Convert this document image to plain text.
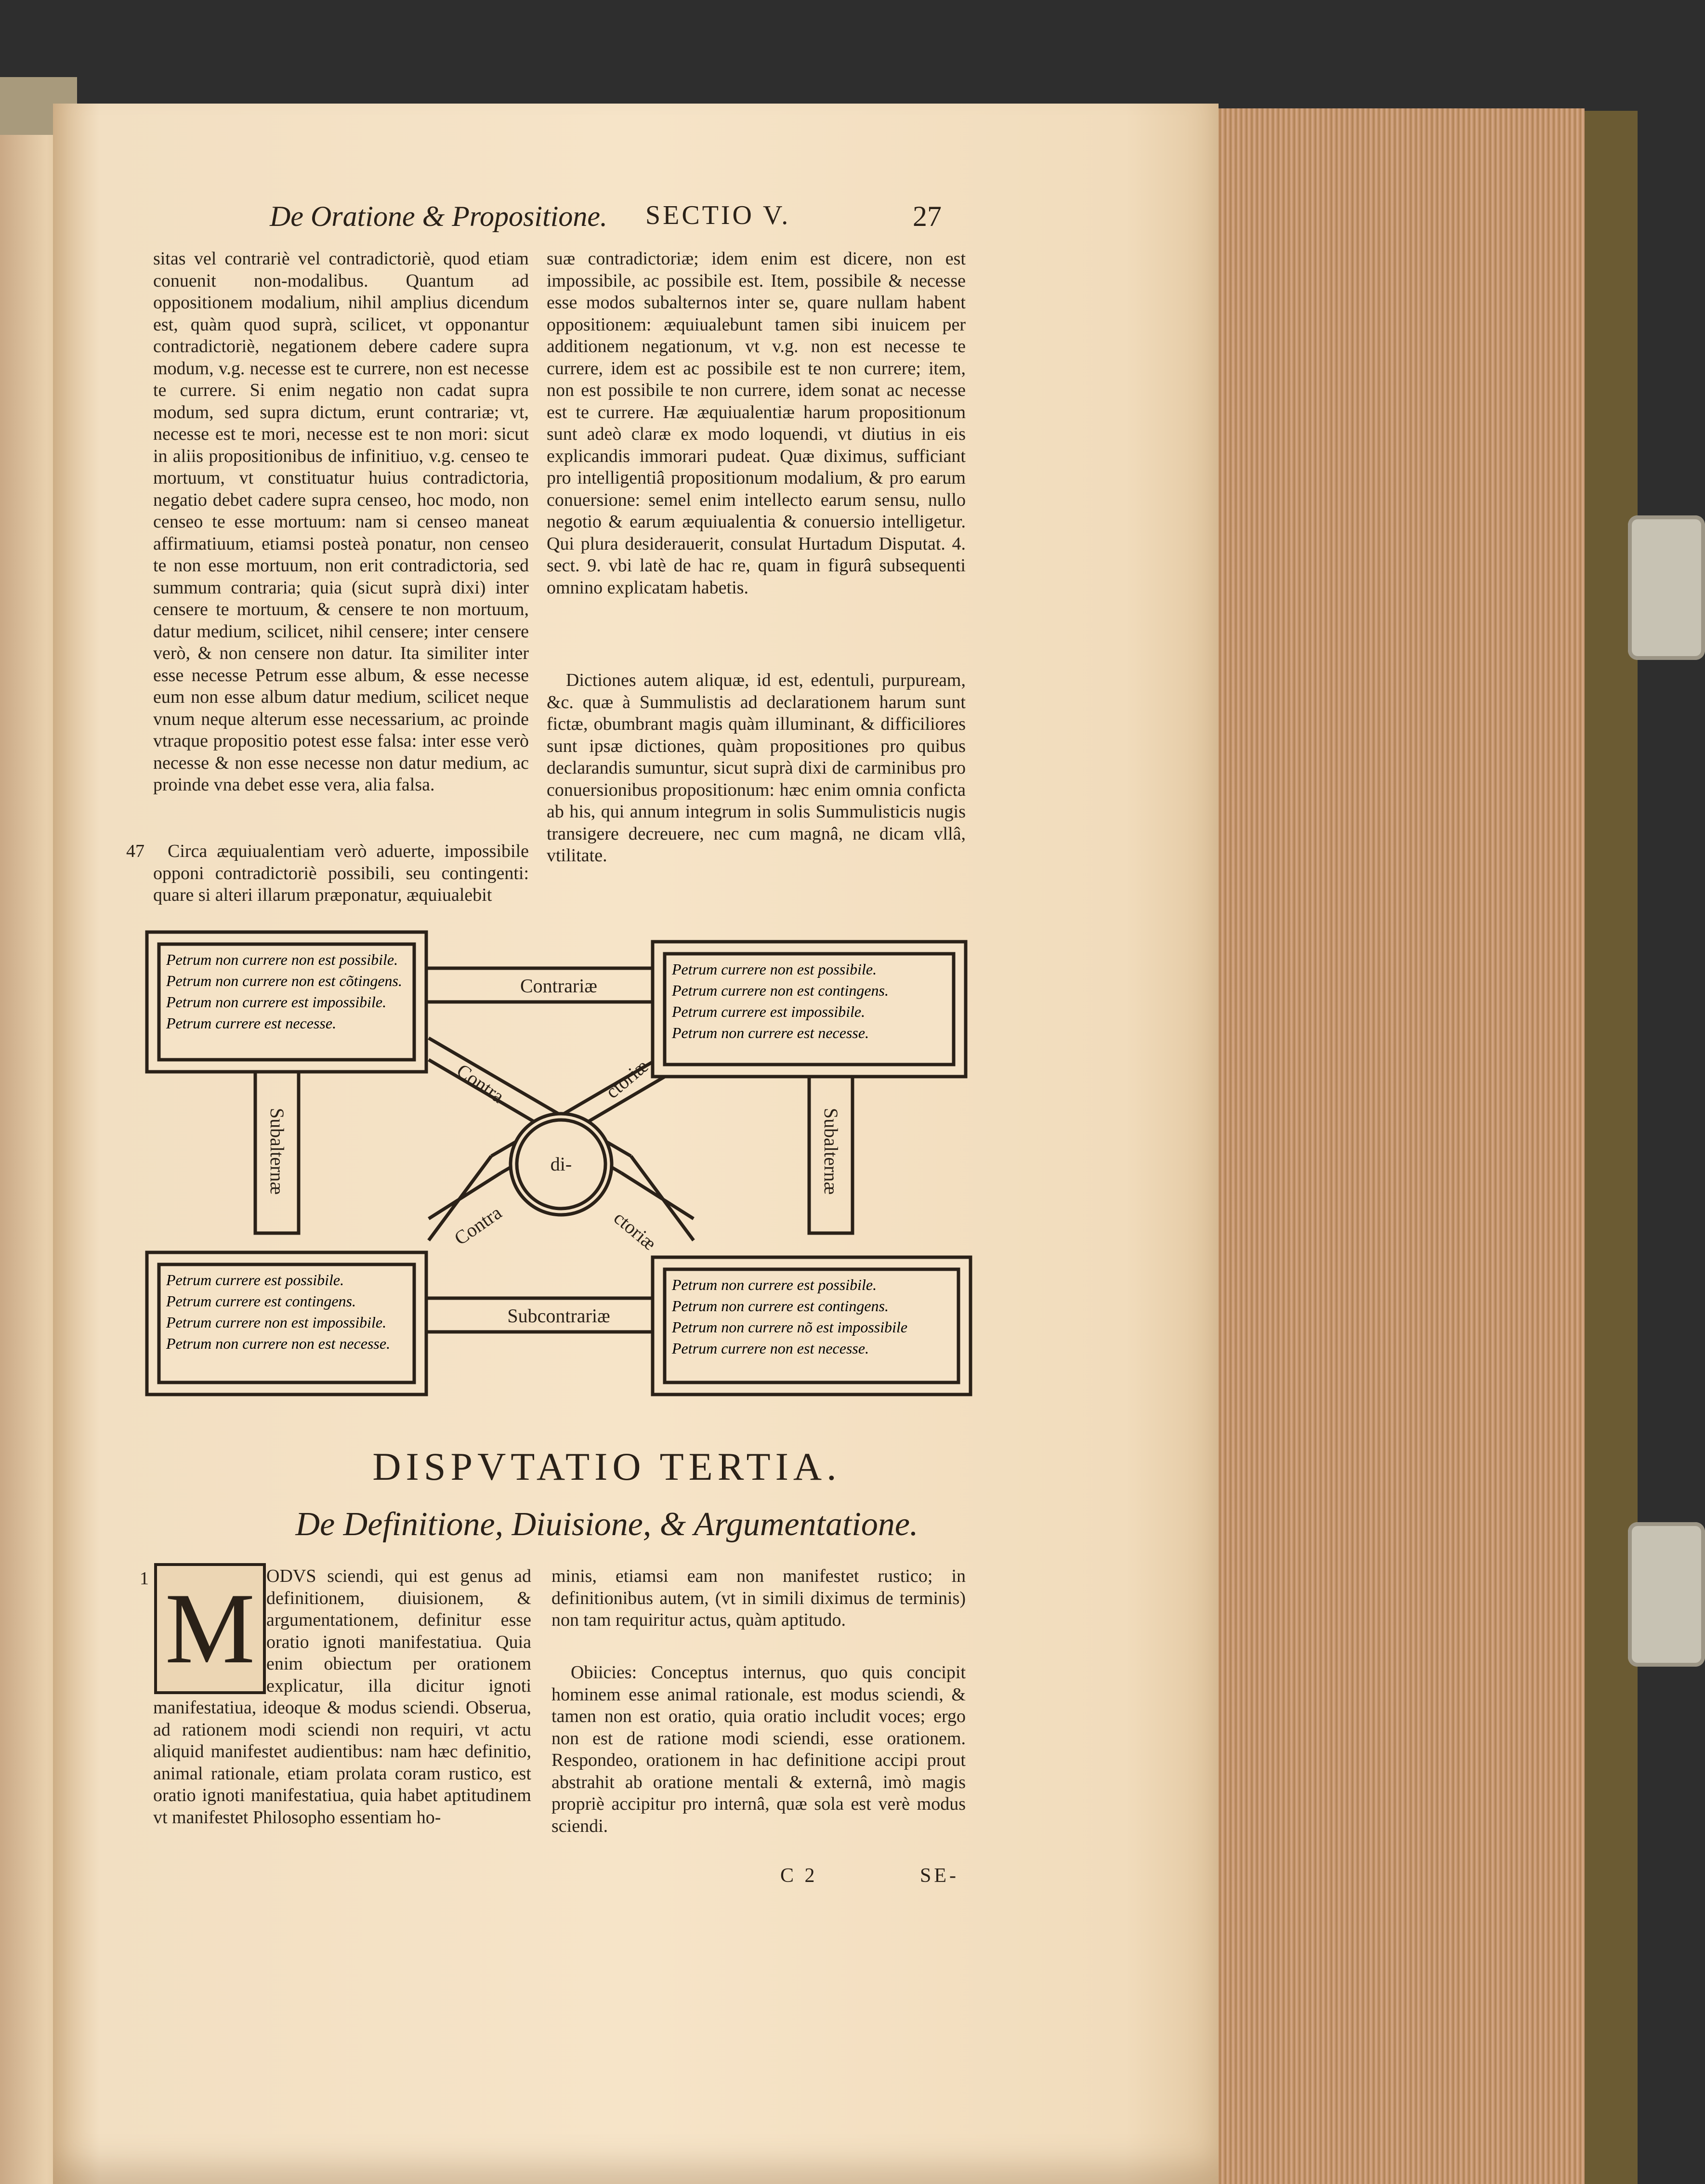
De Oratione & Propositione. SECTIO V.	27
sitas vel contrariè vel contradictoriè, quod etiam conuenit non-modalibus. Quantum ad oppositionem modalium, nihil amplius dicendum est, quàm quod suprà, scilicet, vt opponantur contradictoriè, negationem debere cadere supra modum, v.g. necesse est te currere, non est necesse te currere. Si enim negatio non cadat supra modum, sed supra dictum, erunt contrariæ; vt, necesse est te mori, necesse est te non mori: sicut in aliis propositionibus de infinitiuo, v.g. censeo te mortuum, vt constituatur huius contradictoria, negatio debet cadere supra censeo, hoc modo, non censeo te esse mortuum: nam si censeo maneat affirmatiuum, etiamsi posteà ponatur, non censeo te non esse mortuum, non erit contradictoria, sed summum contraria; quia (sicut suprà dixi) inter censere te mortuum, & censere te non mortuum, datur medium, scilicet, nihil censere; inter censere verò, & non censere non datur. Ita similiter inter esse necesse Petrum esse album, & esse necesse eum non esse album datur medium, scilicet neque vnum neque alterum esse necessarium, ac proinde vtraque propositio potest esse falsa: inter esse verò necesse & non esse necesse non datur medium, ac proinde vna debet esse vera, alia falsa.
47	Circa æquiualentiam verò aduerte, impossibile opponi contradictoriè possibili, seu contingenti: quare si alteri illarum præponatur, æquiualebit
suæ contradictoriæ; idem enim est dicere, non est impossibile, ac possibile est. Item, possibile & necesse esse modos subalternos inter se, quare nullam habent oppositionem: æquiualebunt tamen sibi inuicem per additionem negationum, vt v.g. non est necesse te currere, idem est ac possibile est te non currere; item, non est possibile te non currere, idem sonat ac necesse est te currere. Hæ æquiualentiæ harum propositionum sunt adeò claræ ex modo loquendi, vt diutius in eis explicandis immorari pudeat. Quæ diximus, sufficiant pro intelligentiâ propositionum modalium, & pro earum conuersione: semel enim intellecto earum sensu, nullo negotio & earum æquiualentia & conuersio intelligetur. Qui plura desiderauerit, consulat Hurtadum Disputat. 4. sect. 9. vbi latè de hac re, quam in figurâ subsequenti omnino explicatam habetis.
Dictiones autem aliquæ, id est, edentuli, purpuream, &c. quæ à Summulistis ad declarationem harum sunt fictæ, obumbrant magis quàm illuminant, & difficiliores sunt ipsæ dictiones, quàm propositiones pro quibus declarandis sumuntur, sicut suprà dixi de carminibus pro conuersionibus propositionum: hæc enim omnia conficta ab his, qui annum integrum in solis Summulisticis nugis transigere decreuere, nec cum magnâ, ne dicam vllâ, vtilitate.
Contrariæ
Subcontrariæ
Subalternæ	Subalternæ
Contra	ctoriæ
Contra	ctoriæ
di-
Petrum non currere non est possibile.
Petrum non currere non est cõtingens.
Petrum non currere est impossibile.
Petrum currere est necesse.
Petrum currere non est possibile.
Petrum currere non est contingens.
Petrum currere est impossibile.
Petrum non currere est necesse.
Petrum currere est possibile.
Petrum currere est contingens.
Petrum currere non est impossibile.
Petrum non currere non est necesse.
Petrum non currere est possibile.
Petrum non currere est contingens.
Petrum non currere nõ est impossibile
Petrum currere non est necesse.
DISPVTATIO TERTIA.
De Definitione, Diuisione, & Argumentatione.
1 M ODVS sciendi, qui est genus ad definitionem, diuisionem, & argumentationem, definitur esse oratio ignoti manifestatiua. Quia enim obiectum per orationem explicatur, illa dicitur ignoti manifestatiua, ideoque & modus sciendi. Obserua, ad rationem modi sciendi non requiri, vt actu aliquid manifestet audientibus: nam hæc definitio, animal rationale, etiam prolata coram rustico, est oratio ignoti manifestatiua, quia habet aptitudinem vt manifestet Philosopho essentiam ho-
minis, etiamsi eam non manifestet rustico; in definitionibus autem, (vt in simili diximus de terminis) non tam requiritur actus, quàm aptitudo.
Obiicies: Conceptus internus, quo quis concipit hominem esse animal rationale, est modus sciendi, & tamen non est oratio, quia oratio includit voces; ergo non est de ratione modi sciendi, esse orationem. Respondeo, orationem in hac definitione accipi prout abstrahit ab oratione mentali & externâ, imò magis propriè accipitur pro internâ, quæ sola est verè modus sciendi.
C 2	SE-
